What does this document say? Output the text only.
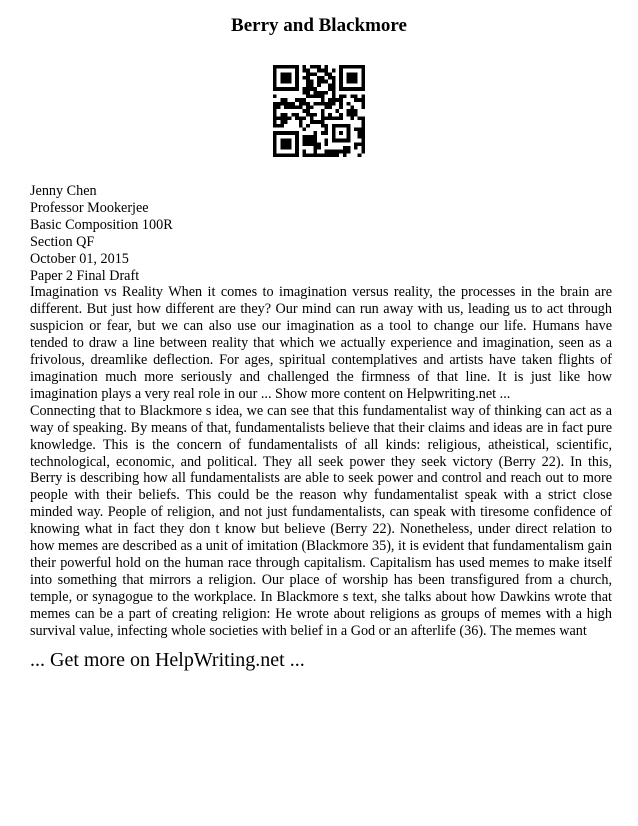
Berry and Blackmore

Jenny Chen

Professor Mookerjee

Basic Composition 100R

Section QF

October 01, 2015

Paper 2 Final Draft

Imagination vs Reality When it comes to imagination versus reality, the processes in the brain are different. But just how different are they? Our mind can run away with us, leading us to act through suspicion or fear, but we can also use our imagination as a tool to change our life. Humans have tended to draw a line between reality that which we actually experience and imagination, seen as a frivolous, dreamlike deflection. For ages, spiritual contemplatives and artists have taken flights of imagination much more seriously and challenged the firmness of that line. It is just like how imagination plays a very real role in our ... Show more content on Helpwriting.net ...

Connecting that to Blackmore s idea, we can see that this fundamentalist way of thinking can act as a way of speaking. By means of that, fundamentalists believe that their claims and ideas are in fact pure knowledge. This is the concern of fundamentalists of all kinds: religious, atheistical, scientific, technological, economic, and political. They all seek power they seek victory (Berry 22). In this, Berry is describing how all fundamentalists are able to seek power and control and reach out to more people with their beliefs. This could be the reason why fundamentalist speak with a strict close minded way. People of religion, and not just fundamentalists, can speak with tiresome confidence of knowing what in fact they don t know but believe (Berry 22). Nonetheless, under direct relation to how memes are described as a unit of imitation (Blackmore 35), it is evident that fundamentalism gain their powerful hold on the human race through capitalism. Capitalism has used memes to make itself into something that mirrors a religion. Our place of worship has been transfigured from a church, temple, or synagogue to the workplace. In Blackmore s text, she talks about how Dawkins wrote that memes can be a part of creating religion: He wrote about religions as groups of memes with a high survival value, infecting whole societies with belief in a God or an afterlife (36). The memes want

... Get more on HelpWriting.net ...
